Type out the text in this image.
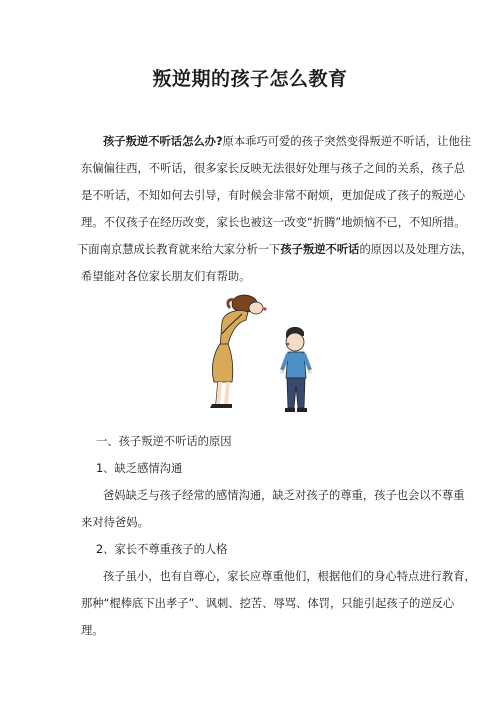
叛逆期的孩子怎么教育

孩子叛逆不听话怎么办?原本乖巧可爱的孩子突然变得叛逆不听话，让他往
东偏偏往西，不听话，很多家长反映无法很好处理与孩子之间的关系，孩子总
是不听话，不知如何去引导，有时候会非常不耐烦，更加促成了孩子的叛逆心
理。不仅孩子在经历改变，家长也被这一改变“折腾”地烦恼不已，不知所措。
下面南京慧成长教育就来给大家分析一下孩子叛逆不听话的原因以及处理方法，
希望能对各位家长朋友们有帮助。

一、孩子叛逆不听话的原因
1、缺乏感情沟通
爸妈缺乏与孩子经常的感情沟通，缺乏对孩子的尊重，孩子也会以不尊重
来对待爸妈。
2、家长不尊重孩子的人格
孩子虽小，也有自尊心，家长应尊重他们，根据他们的身心特点进行教育，
那种“棍棒底下出孝子”、讽刺、挖苦、辱骂、体罚，只能引起孩子的逆反心
理。
